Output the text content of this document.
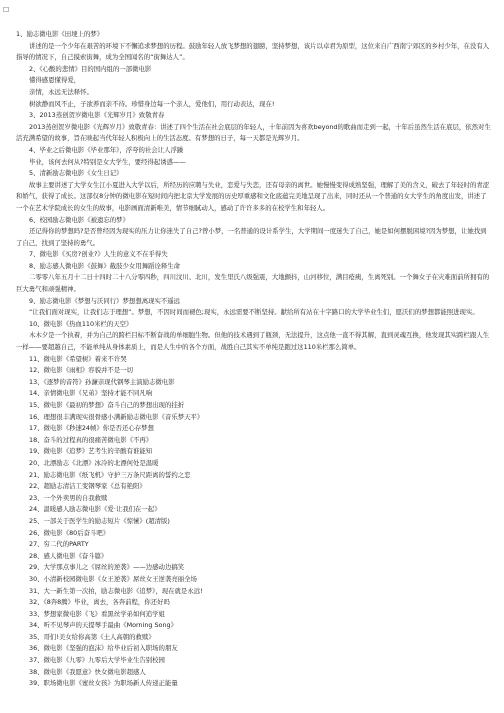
☐

1、励志微电影《田埂上的梦》

讲述的是一个少年在艰苦的环境下不懈追求梦想的历程。鼓励年轻人放飞梦想的翅膀，坚持梦想，该片以卓君为原型，这位来自广西南宁郊区的乡村少年，在没有人指导的情况下，自己摸索街舞，成为全国闻名的“街舞达人”。

2、《心酸的悲情》目的国内组的一部微电影

懂得感恩懂得爱，

亲情，永远无法释怀。

树欲静而风不止，子欲养而亲不待。珍惜身边每一个亲人，爱他们，用行动表达，现在!

3、2013蒸创贺岁微电影《光辉岁月》致敬青春

2013蒸创贺岁微电影《光辉岁月》致敬青春：讲述了四个生活在社会底层的年轻人，十年前因为喜欢beyond的歌曲而走到一起，十年后虽然生活在底层，依然对生活充满希望的故事，旨在映起当代年轻人积极向上的生活态度。有梦想的日子，每一天都是光辉岁月。

4、毕业之后微电影《毕业那年》，浮夸的社会让人浮躁

毕业，该何去何从?特别是女大学生，要经得起诱惑——

5、清新励志微电影《女生日记》

故事主要讲述了大学女生江小夏进入大学以后，所经历的应聘与失业，恋爱与失恋，还有母亲的离世。她慢慢变得成熟坚强，理解了美的含义，破去了年轻时的青涩和娇气，获得了成长。这部仅8分钟的微电影在短时间内把北京大学发展的历史厚重感和文化底蕴完美地呈现了出来，同时还从一个普通的女大学生的角度出发，讲述了一个在艺术学院成长的女生的故事，电影画面清新唯美，情节细腻动人，感动了许许多多的在校学生和年轻人。

6、校园励志微电影《被遗忘的梦》

还记得你的梦想吗?是否曾经因为现实的压力让你迷失了自己?曾小梦，一名普通的设计系学生，大学期间一度迷失了自己，她是如何摆脱困境?因为梦想，让她找到了自己，找到了坚持的勇气。

7、微电影《买房?创业?》人生的意义不在乎得失

8、励志感人微电影《鼓舞》截肢少女用舞蹈诠释生命

二零零八年五月十二日十四时二十八分零四秒，四川汶川、北川，发生里氏八级强震，大地颤抖，山河移位，满目疮痍，生离死别。一个舞女子在灾难面前所拥有的巨大勇气和顽强精神。

9、励志微电影《梦想与沃同行》梦想想离现实不遥远

“让我们面对现实，让我们志于理想”。梦想，不因时间而褪色;现实，永远需要不断坚持。献给所有站在十字路口的大学毕业生们，愿沃们的梦想都能照进现实。

10、微电影《热血110米栏的天空》

木木夕是一个执着，并为自己的跨栏目标不断奋战的单细胞生物。但他的技术遇到了瓶颈，无法提升，这点他一直不得其解，直到灵魂互换，他发现其实跨栏跟人生一样——要超越自己，不能单纯从身体素质上，而是人生中的各个方面，战胜自己其实不单纯是跑过这110米栏那么简单。

11、微电影《希望树》着来不许哭

12、微电影《雨相》容貌并不是一切

13、《逐梦的音符》孙濂亲现代钢琴主演励志微电影

14、亲情微电影《兄弟》坚持才能不同凡响

15、微电影《最初的梦想》奋斗自己的梦想出现的挂折

16、理想很丰满现实很骨感小满新励志微电影《音乐梦天平》

17、微电影《秒速24帧》你是否还心存梦想

18、奋斗的过程真的很痛苦微电影《不再》

19、微电影《追梦》艺考生的辛酸有谁能知

20、北漂励志《北漂》冰冷的北漂何处是温暖

21、励志微电影《纸飞机》守护三万条尺距离的誓约之恋

22、超励志清洁工变钢琴家《总有艳阳》

23、一个外卖男的自我救赎

24、温暖感人励志微电影《爱·让我们在一起》

25、一部关于医学生的励志短片《惊愫》(超清版)

26、微电影《80后奋斗吧》

27、穷二代的PARTY

28、感人微电影《奋斗篇》

29、大学那点事儿之《屌丝的逆袭》——边感动边搞笑

30、小清新校园微电影《女王逆袭》屌丝女王逆袭亮丽全场

31、大一新生第一次拍，励志微电影《追梦》，现在就是永远!

32、《8奔8腾》毕业，离去，各奔前程，你还好吗

33、梦想家微电影《飞》看黑丝学弟如何追学姐

34、听不见琴声的天提琴手最曲《Morning Song》

35、哥们!美女给你高第《土人高朝的救赎》

36、微电影《坚强的泡沫》给毕业后初入职场的朋友

37、微电影《九零》九零后大学毕业生告别校园

38、微电影《我愿意》快女微电影超感人

39、职场微电影《蜜丝女孩》为职场新人传递正能量
